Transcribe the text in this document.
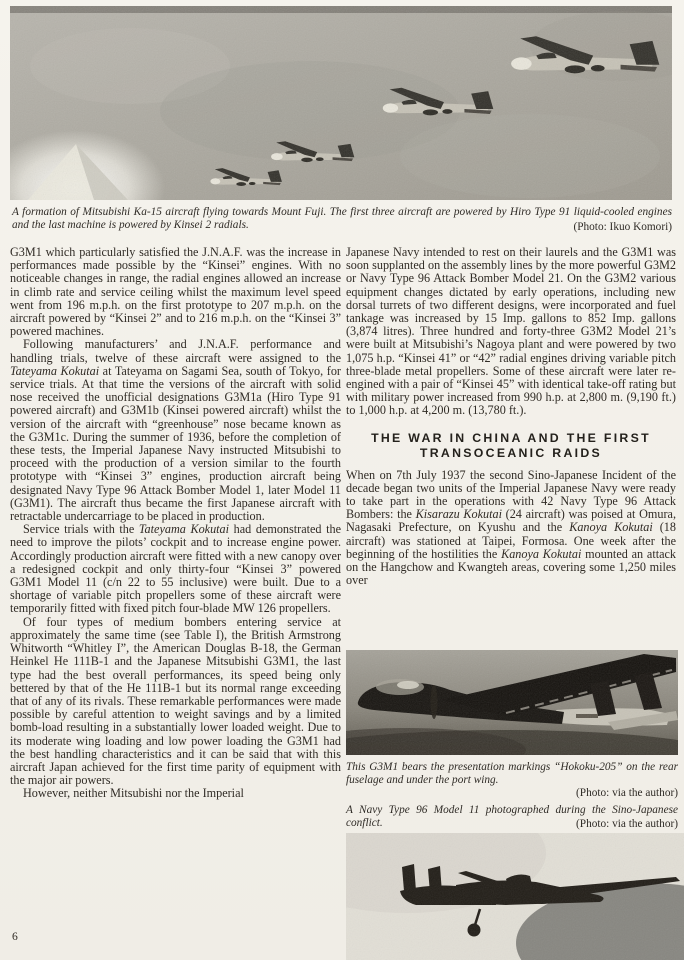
A formation of Mitsubishi Ka-15 aircraft flying towards Mount Fuji. The first three aircraft are powered by Hiro Type 91 liquid-cooled engines and the last machine is powered by Kinsei 2 radials.	(Photo: Ikuo Komori)

G3M1 which particularly satisfied the J.N.A.F. was the increase in performances made possible by the “Kinsei” engines. With no noticeable changes in range, the radial engines allowed an increase in climb rate and service ceiling whilst the maximum level speed went from 196 m.p.h. on the first prototype to 207 m.p.h. on the aircraft powered by “Kinsei 2” and to 216 m.p.h. on the “Kinsei 3” powered machines.

Following manufacturers’ and J.N.A.F. performance and handling trials, twelve of these aircraft were assigned to the Tateyama Kokutai at Tateyama on Sagami Sea, south of Tokyo, for service trials. At that time the versions of the aircraft with solid nose received the unofficial designations G3M1a (Hiro Type 91 powered aircraft) and G3M1b (Kinsei powered aircraft) whilst the version of the aircraft with “greenhouse” nose became known as the G3M1c. During the summer of 1936, before the completion of these tests, the Imperial Japanese Navy instructed Mitsubishi to proceed with the production of a version similar to the fourth prototype with “Kinsei 3” engines, production aircraft being designated Navy Type 96 Attack Bomber Model 1, later Model 11 (G3M1). The aircraft thus became the first Japanese aircraft with retractable undercarriage to be placed in production.

Service trials with the Tateyama Kokutai had demonstrated the need to improve the pilots’ cockpit and to increase engine power. Accordingly production aircraft were fitted with a new canopy over a redesigned cockpit and only thirty-four “Kinsei 3” powered G3M1 Model 11 (c/n 22 to 55 inclusive) were built. Due to a shortage of variable pitch propellers some of these aircraft were temporarily fitted with fixed pitch four-blade MW 126 propellers.

Of four types of medium bombers entering service at approximately the same time (see Table I), the British Armstrong Whitworth “Whitley I”, the American Douglas B-18, the German Heinkel He 111B-1 and the Japanese Mitsubishi G3M1, the last type had the best overall performances, its speed being only bettered by that of the He 111B-1 but its normal range exceeding that of any of its rivals. These remarkable performances were made possible by careful attention to weight savings and by a limited bomb-load resulting in a substantially lower loaded weight. Due to its moderate wing loading and low power loading the G3M1 had the best handling characteristics and it can be said that with this aircraft Japan achieved for the first time parity of equipment with the major air powers.

However, neither Mitsubishi nor the Imperial

Japanese Navy intended to rest on their laurels and the G3M1 was soon supplanted on the assembly lines by the more powerful G3M2 or Navy Type 96 Attack Bomber Model 21. On the G3M2 various equipment changes dictated by early operations, including new dorsal turrets of two different designs, were incorporated and fuel tankage was increased by 15 Imp. gallons to 852 Imp. gallons (3,874 litres). Three hundred and forty-three G3M2 Model 21’s were built at Mitsubishi’s Nagoya plant and were powered by two 1,075 h.p. “Kinsei 41” or “42” radial engines driving variable pitch three-blade metal propellers. Some of these aircraft were later re-engined with a pair of “Kinsei 45” with identical take-off rating but with military power increased from 990 h.p. at 2,800 m. (9,190 ft.) to 1,000 h.p. at 4,200 m. (13,780 ft.).

THE WAR IN CHINA AND THE FIRST
TRANSOCEANIC RAIDS

When on 7th July 1937 the second Sino-Japanese Incident of the decade began two units of the Imperial Japanese Navy were ready to take part in the operations with 42 Navy Type 96 Attack Bombers: the Kisarazu Kokutai (24 aircraft) was poised at Omura, Nagasaki Prefecture, on Kyushu and the Kanoya Kokutai (18 aircraft) was stationed at Taipei, Formosa. One week after the beginning of the hostilities the Kanoya Kokutai mounted an attack on the Hangchow and Kwangteh areas, covering some 1,250 miles over

This G3M1 bears the presentation markings “Hokoku-205” on the rear fuselage and under the port wing.
(Photo: via the author)
A Navy Type 96 Model 11 photographed during the Sino-Japanese conflict.	(Photo: via the author)
6
